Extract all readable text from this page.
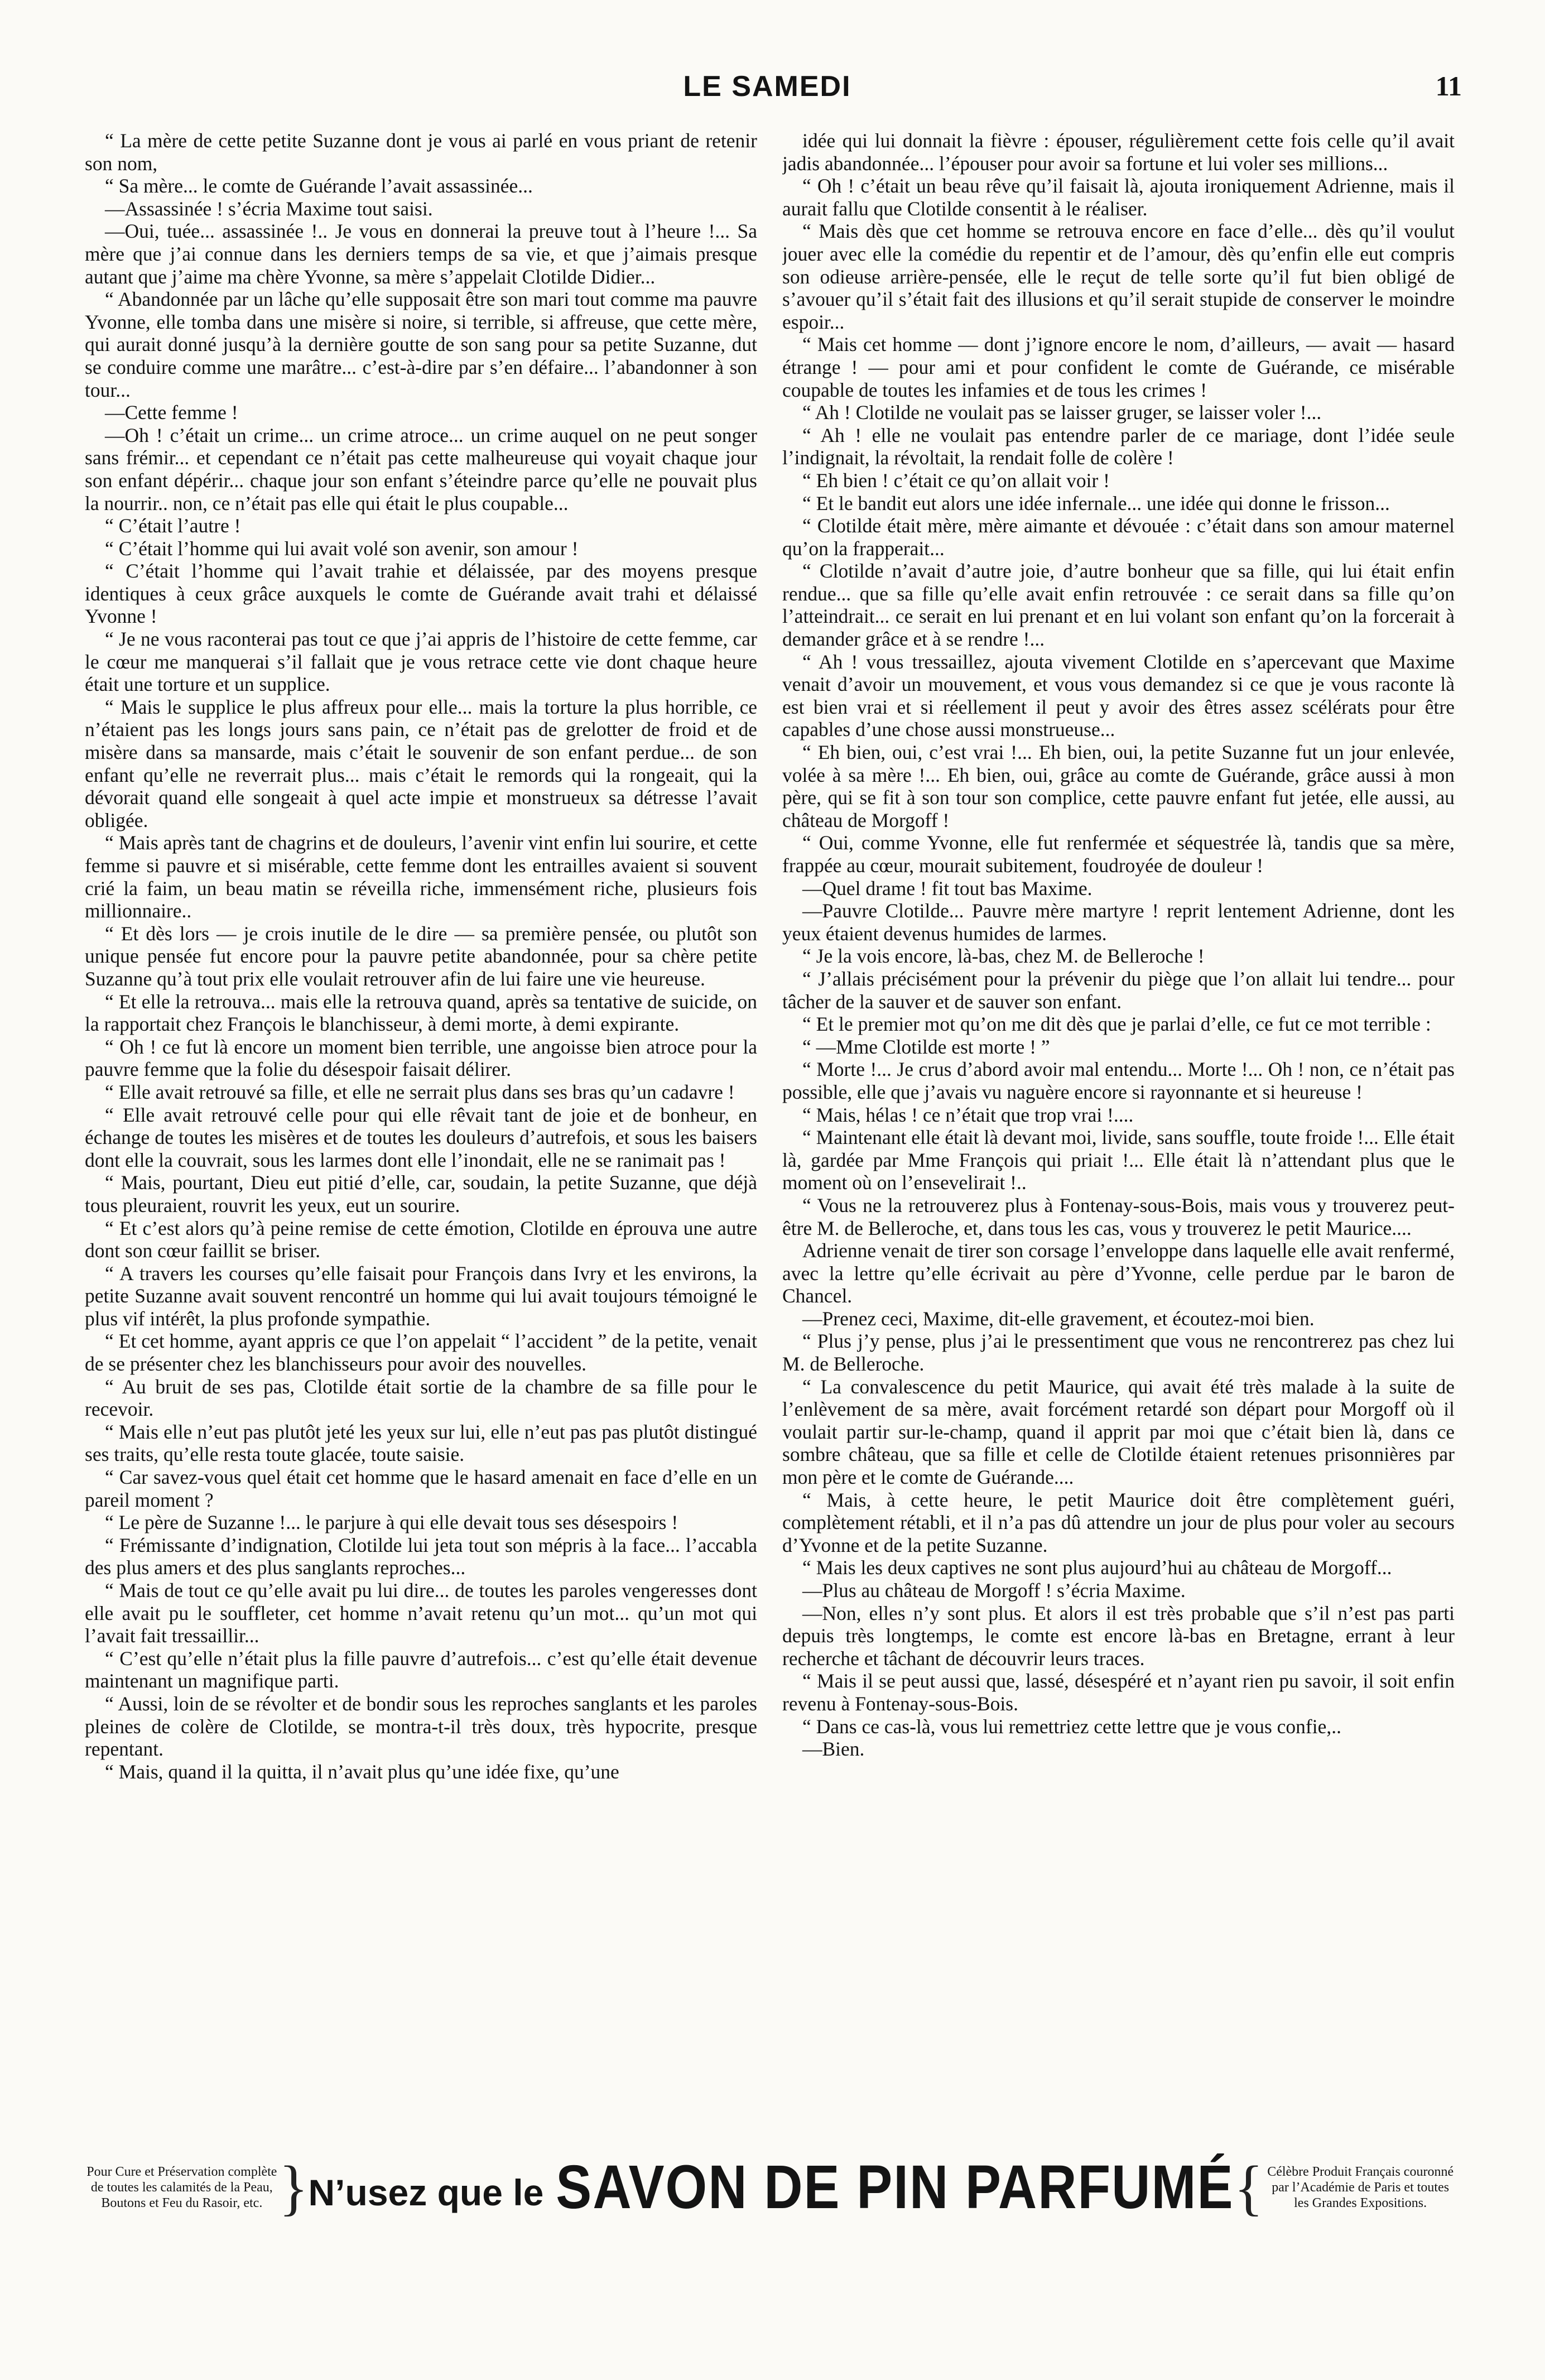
LE SAMEDI	11

“ La mère de cette petite Suzanne dont je vous ai parlé en vous priant de retenir son nom,

“ Sa mère... le comte de Guérande l’avait assassinée...

—Assassinée ! s’écria Maxime tout saisi.

—Oui, tuée... assassinée !.. Je vous en donnerai la preuve tout à l’heure !... Sa mère que j’ai connue dans les derniers temps de sa vie, et que j’aimais presque autant que j’aime ma chère Yvonne, sa mère s’appelait Clotilde Didier...

“ Abandonnée par un lâche qu’elle supposait être son mari tout comme ma pauvre Yvonne, elle tomba dans une misère si noire, si terrible, si affreuse, que cette mère, qui aurait donné jusqu’à la dernière goutte de son sang pour sa petite Suzanne, dut se conduire comme une marâtre... c’est-à-dire par s’en défaire... l’abandonner à son tour...

—Cette femme !

—Oh ! c’était un crime... un crime atroce... un crime auquel on ne peut songer sans frémir... et cependant ce n’était pas cette malheureuse qui voyait chaque jour son enfant dépérir... chaque jour son enfant s’éteindre parce qu’elle ne pouvait plus la nourrir.. non, ce n’était pas elle qui était le plus coupable...

“ C’était l’autre !

“ C’était l’homme qui lui avait volé son avenir, son amour !

“ C’était l’homme qui l’avait trahie et délaissée, par des moyens presque identiques à ceux grâce auxquels le comte de Guérande avait trahi et délaissé Yvonne !

“ Je ne vous raconterai pas tout ce que j’ai appris de l’histoire de cette femme, car le cœur me manquerai s’il fallait que je vous retrace cette vie dont chaque heure était une torture et un supplice.

“ Mais le supplice le plus affreux pour elle... mais la torture la plus horrible, ce n’étaient pas les longs jours sans pain, ce n’était pas de grelotter de froid et de misère dans sa mansarde, mais c’était le souvenir de son enfant perdue... de son enfant qu’elle ne reverrait plus... mais c’était le remords qui la rongeait, qui la dévorait quand elle songeait à quel acte impie et monstrueux sa détresse l’avait obligée.

“ Mais après tant de chagrins et de douleurs, l’avenir vint enfin lui sourire, et cette femme si pauvre et si misérable, cette femme dont les entrailles avaient si souvent crié la faim, un beau matin se réveilla riche, immensément riche, plusieurs fois millionnaire..

“ Et dès lors — je crois inutile de le dire — sa première pensée, ou plutôt son unique pensée fut encore pour la pauvre petite abandonnée, pour sa chère petite Suzanne qu’à tout prix elle voulait retrouver afin de lui faire une vie heureuse.

“ Et elle la retrouva... mais elle la retrouva quand, après sa tentative de suicide, on la rapportait chez François le blanchisseur, à demi morte, à demi expirante.

“ Oh ! ce fut là encore un moment bien terrible, une angoisse bien atroce pour la pauvre femme que la folie du désespoir faisait délirer.

“ Elle avait retrouvé sa fille, et elle ne serrait plus dans ses bras qu’un cadavre !

“ Elle avait retrouvé celle pour qui elle rêvait tant de joie et de bonheur, en échange de toutes les misères et de toutes les douleurs d’autrefois, et sous les baisers dont elle la couvrait, sous les larmes dont elle l’inondait, elle ne se ranimait pas !

“ Mais, pourtant, Dieu eut pitié d’elle, car, soudain, la petite Suzanne, que déjà tous pleuraient, rouvrit les yeux, eut un sourire.

“ Et c’est alors qu’à peine remise de cette émotion, Clotilde en éprouva une autre dont son cœur faillit se briser.

“ A travers les courses qu’elle faisait pour François dans Ivry et les environs, la petite Suzanne avait souvent rencontré un homme qui lui avait toujours témoigné le plus vif intérêt, la plus profonde sympathie.

“ Et cet homme, ayant appris ce que l’on appelait “ l’accident ” de la petite, venait de se présenter chez les blanchisseurs pour avoir des nouvelles.

“ Au bruit de ses pas, Clotilde était sortie de la chambre de sa fille pour le recevoir.

“ Mais elle n’eut pas plutôt jeté les yeux sur lui, elle n’eut pas pas plutôt distingué ses traits, qu’elle resta toute glacée, toute saisie.

“ Car savez-vous quel était cet homme que le hasard amenait en face d’elle en un pareil moment ?

“ Le père de Suzanne !... le parjure à qui elle devait tous ses désespoirs !

“ Frémissante d’indignation, Clotilde lui jeta tout son mépris à la face... l’accabla des plus amers et des plus sanglants reproches...

“ Mais de tout ce qu’elle avait pu lui dire... de toutes les paroles vengeresses dont elle avait pu le souffleter, cet homme n’avait retenu qu’un mot... qu’un mot qui l’avait fait tressaillir...

“ C’est qu’elle n’était plus la fille pauvre d’autrefois... c’est qu’elle était devenue maintenant un magnifique parti.

“ Aussi, loin de se révolter et de bondir sous les reproches sanglants et les paroles pleines de colère de Clotilde, se montra-t-il très doux, très hypocrite, presque repentant.

“ Mais, quand il la quitta, il n’avait plus qu’une idée fixe, qu’une

idée qui lui donnait la fièvre : épouser, régulièrement cette fois celle qu’il avait jadis abandonnée... l’épouser pour avoir sa fortune et lui voler ses millions...

“ Oh ! c’était un beau rêve qu’il faisait là, ajouta ironiquement Adrienne, mais il aurait fallu que Clotilde consentit à le réaliser.

“ Mais dès que cet homme se retrouva encore en face d’elle... dès qu’il voulut jouer avec elle la comédie du repentir et de l’amour, dès qu’enfin elle eut compris son odieuse arrière-pensée, elle le reçut de telle sorte qu’il fut bien obligé de s’avouer qu’il s’était fait des illusions et qu’il serait stupide de conserver le moindre espoir...

“ Mais cet homme — dont j’ignore encore le nom, d’ailleurs, — avait — hasard étrange ! — pour ami et pour confident le comte de Guérande, ce misérable coupable de toutes les infamies et de tous les crimes !

“ Ah ! Clotilde ne voulait pas se laisser gruger, se laisser voler !...

“ Ah ! elle ne voulait pas entendre parler de ce mariage, dont l’idée seule l’indignait, la révoltait, la rendait folle de colère !

“ Eh bien ! c’était ce qu’on allait voir !

“ Et le bandit eut alors une idée infernale... une idée qui donne le frisson...

“ Clotilde était mère, mère aimante et dévouée : c’était dans son amour maternel qu’on la frapperait...

“ Clotilde n’avait d’autre joie, d’autre bonheur que sa fille, qui lui était enfin rendue... que sa fille qu’elle avait enfin retrouvée : ce serait dans sa fille qu’on l’atteindrait... ce serait en lui prenant et en lui volant son enfant qu’on la forcerait à demander grâce et à se rendre !...

“ Ah ! vous tressaillez, ajouta vivement Clotilde en s’apercevant que Maxime venait d’avoir un mouvement, et vous vous demandez si ce que je vous raconte là est bien vrai et si réellement il peut y avoir des êtres assez scélérats pour être capables d’une chose aussi monstrueuse...

“ Eh bien, oui, c’est vrai !... Eh bien, oui, la petite Suzanne fut un jour enlevée, volée à sa mère !... Eh bien, oui, grâce au comte de Guérande, grâce aussi à mon père, qui se fit à son tour son complice, cette pauvre enfant fut jetée, elle aussi, au château de Morgoff !

“ Oui, comme Yvonne, elle fut renfermée et séquestrée là, tandis que sa mère, frappée au cœur, mourait subitement, foudroyée de douleur !

—Quel drame ! fit tout bas Maxime.

—Pauvre Clotilde... Pauvre mère martyre ! reprit lentement Adrienne, dont les yeux étaient devenus humides de larmes.

“ Je la vois encore, là-bas, chez M. de Belleroche !

“ J’allais précisément pour la prévenir du piège que l’on allait lui tendre... pour tâcher de la sauver et de sauver son enfant.

“ Et le premier mot qu’on me dit dès que je parlai d’elle, ce fut ce mot terrible :

“ —Mme Clotilde est morte ! ”

“ Morte !... Je crus d’abord avoir mal entendu... Morte !... Oh ! non, ce n’était pas possible, elle que j’avais vu naguère encore si rayonnante et si heureuse !

“ Mais, hélas ! ce n’était que trop vrai !....

“ Maintenant elle était là devant moi, livide, sans souffle, toute froide !... Elle était là, gardée par Mme François qui priait !... Elle était là n’attendant plus que le moment où on l’ensevelirait !..

“ Vous ne la retrouverez plus à Fontenay-sous-Bois, mais vous y trouverez peut-être M. de Belleroche, et, dans tous les cas, vous y trouverez le petit Maurice....

Adrienne venait de tirer son corsage l’enveloppe dans laquelle elle avait renfermé, avec la lettre qu’elle écrivait au père d’Yvonne, celle perdue par le baron de Chancel.

—Prenez ceci, Maxime, dit-elle gravement, et écoutez-moi bien.

“ Plus j’y pense, plus j’ai le pressentiment que vous ne rencontrerez pas chez lui M. de Belleroche.

“ La convalescence du petit Maurice, qui avait été très malade à la suite de l’enlèvement de sa mère, avait forcément retardé son départ pour Morgoff où il voulait partir sur-le-champ, quand il apprit par moi que c’était bien là, dans ce sombre château, que sa fille et celle de Clotilde étaient retenues prisonnières par mon père et le comte de Guérande....

“ Mais, à cette heure, le petit Maurice doit être complètement guéri, complètement rétabli, et il n’a pas dû attendre un jour de plus pour voler au secours d’Yvonne et de la petite Suzanne.

“ Mais les deux captives ne sont plus aujourd’hui au château de Morgoff...

—Plus au château de Morgoff ! s’écria Maxime.

—Non, elles n’y sont plus. Et alors il est très probable que s’il n’est pas parti depuis très longtemps, le comte est encore là-bas en Bretagne, errant à leur recherche et tâchant de découvrir leurs traces.

“ Mais il se peut aussi que, lassé, désespéré et n’ayant rien pu savoir, il soit enfin revenu à Fontenay-sous-Bois.

“ Dans ce cas-là, vous lui remettriez cette lettre que je vous confie,..

—Bien.

Pour Cure et Préservation complète de toutes les calamités de la Peau, Boutons et Feu du Rasoir, etc. } N’usez que le SAVON DE PIN PARFUMÉ { Célèbre Produit Français couronné par l’Académie de Paris et toutes les Grandes Expositions.
